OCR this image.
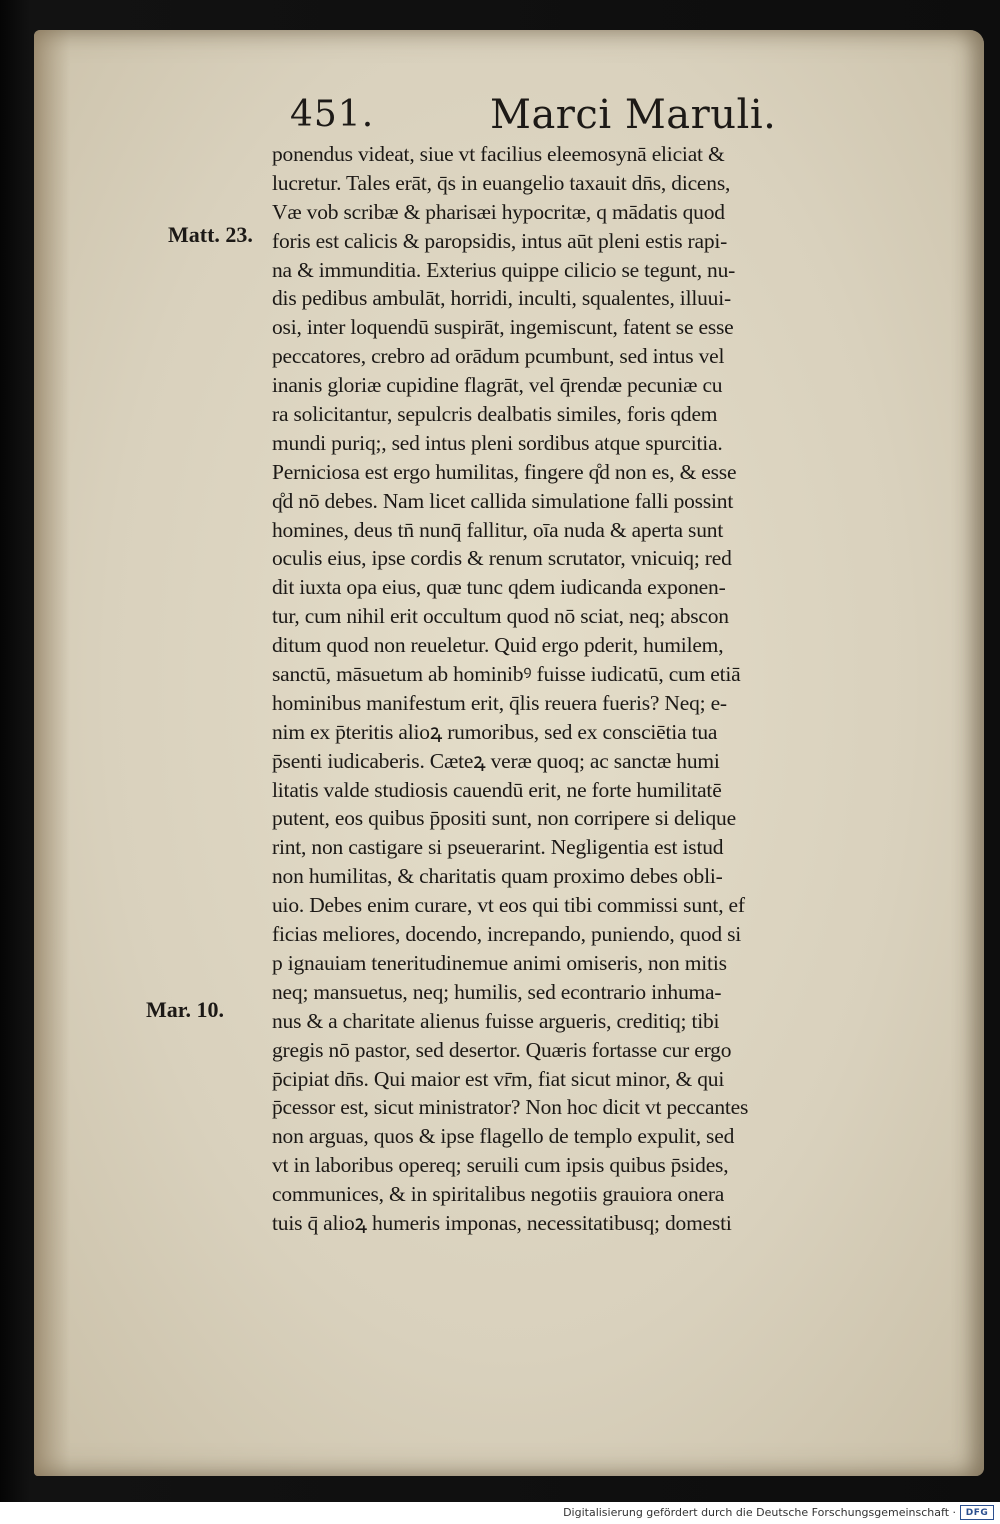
451.	Marci Maruli.
Matt. 23.
Mar. 10.
ponendus videat, siue vt facilius eleemosynā eliciat &
lucretur. Tales erāt, q̄s in euangelio taxauit dn̄s, dicens,
Væ vob scribæ & pharisæi hypocritæ, q mādatis quod
foris est calicis & paropsidis, intus aūt pleni estis rapi-
na & immunditia. Exterius quippe cilicio se tegunt, nu-
dis pedibus ambulāt, horridi, inculti, squalentes, illuui-
osi, inter loquendū suspirāt, ingemiscunt, fatent se esse
peccatores, crebro ad orādum pcumbunt, sed intus vel
inanis gloriæ cupidine flagrāt, vel q̄rendæ pecuniæ cu
ra solicitantur, sepulcris dealbatis similes, foris qdem
mundi puriq;, sed intus pleni sordibus atque spurcitia.
Perniciosa est ergo humilitas, fingere q̊d non es, & esse
q̊d nō debes. Nam licet callida simulatione falli possint
homines, deus tn̄ nunq̄ fallitur, oīa nuda & aperta sunt
oculis eius, ipse cordis & renum scrutator, vnicuiq; red
dit iuxta opa eius, quæ tunc qdem iudicanda exponen-
tur, cum nihil erit occultum quod nō sciat, neq; abscon
ditum quod non reueletur. Quid ergo pderit, humilem,
sanctū, māsuetum ab hominibꝰ fuisse iudicatū, cum etiā
hominibus manifestum erit, q̄lis reuera fueris? Neq; e-
nim ex p̄teritis alioꝝ rumoribus, sed ex consciētia tua
p̄senti iudicaberis. Cæteꝝ veræ quoq; ac sanctæ humi
litatis valde studiosis cauendū erit, ne forte humilitatē
putent, eos quibus p̄positi sunt, non corripere si delique
rint, non castigare si pseuerarint. Negligentia est istud
non humilitas, & charitatis quam proximo debes obli-
uio. Debes enim curare, vt eos qui tibi commissi sunt, ef
ficias meliores, docendo, increpando, puniendo, quod si
p ignauiam teneritudinemue animi omiseris, non mitis
neq; mansuetus, neq; humilis, sed econtrario inhuma-
nus & a charitate alienus fuisse argueris, creditiq; tibi
gregis nō pastor, sed desertor. Quæris fortasse cur ergo
p̄cipiat dn̄s. Qui maior est vr̄m, fiat sicut minor, & qui
p̄cessor est, sicut ministrator? Non hoc dicit vt peccantes
non arguas, quos & ipse flagello de templo expulit, sed
vt in laboribus opereq; seruili cum ipsis quibus p̄sides,
communices, & in spiritalibus negotiis grauiora onera
tuis q̄ alioꝝ humeris imponas, necessitatibusq; domesti
Digitalisierung gefördert durch die Deutsche Forschungsgemeinschaft · DFG
